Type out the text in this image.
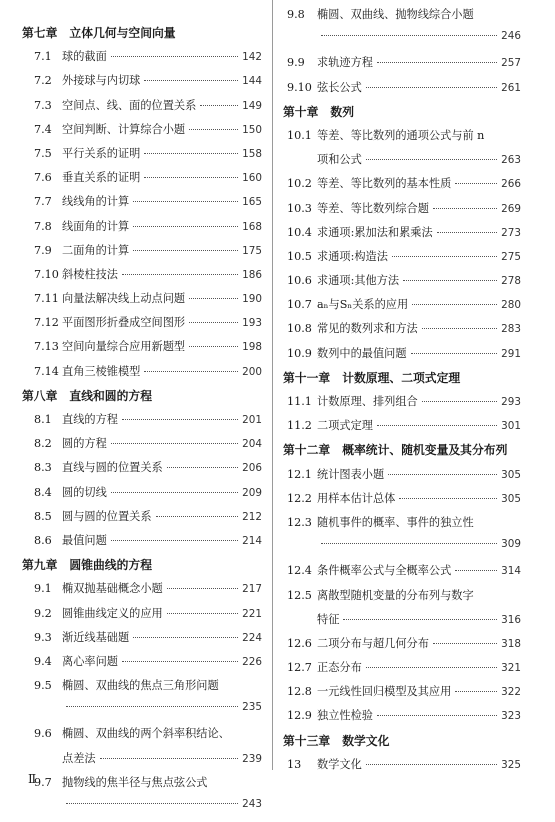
第七章 立体几何与空间向量
7.1 球的截面	142
7.2 外接球与内切球	144
7.3 空间点、线、面的位置关系	149
7.4 空间判断、计算综合小题	150
7.5 平行关系的证明	158
7.6 垂直关系的证明	160
7.7 线线角的计算	165
7.8 线面角的计算	168
7.9 二面角的计算	175
7.10 斜棱柱技法	186
7.11 向量法解决线上动点问题	190
7.12 平面图形折叠成空间图形	193
7.13 空间向量综合应用新题型	198
7.14 直角三棱锥模型	200
第八章 直线和圆的方程
8.1 直线的方程	201
8.2 圆的方程	204
8.3 直线与圆的位置关系	206
8.4 圆的切线	209
8.5 圆与圆的位置关系	212
8.6 最值问题	214
第九章 圆锥曲线的方程
9.1 椭双抛基础概念小题	217
9.2 圆锥曲线定义的应用	221
9.3 渐近线基础题	224
9.4 离心率问题	226
9.5 椭圆、双曲线的焦点三角形问题
235
9.6 椭圆、双曲线的两个斜率积结论、
点差法	239
9.7 抛物线的焦半径与焦点弦公式
243
9.8	椭圆、双曲线、抛物线综合小题
246
9.9	求轨迹方程	257
9.10 弦长公式	261
第十章 数列
10.1 等差、等比数列的通项公式与前 n
项和公式	263
10.2 等差、等比数列的基本性质	266
10.3 等差、等比数列综合题	269
10.4 求通项:累加法和累乘法	273
10.5 求通项:构造法	275
10.6 求通项:其他方法	278
10.7 aₙ与Sₙ关系的应用	280
10.8 常见的数列求和方法	283
10.9 数列中的最值问题	291
第十一章 计数原理、二项式定理
11.1 计数原理、排列组合	293
11.2 二项式定理	301
第十二章 概率统计、随机变量及其分布列
12.1 统计图表小题	305
12.2 用样本估计总体	305
12.3 随机事件的概率、事件的独立性
309
12.4 条件概率公式与全概率公式	314
12.5 离散型随机变量的分布列与数字
特征	316
12.6 二项分布与超几何分布	318
12.7 正态分布	321
12.8 一元线性回归模型及其应用	322
12.9 独立性检验	323
第十三章 数学文化
13	数学文化	325
Ⅱ
